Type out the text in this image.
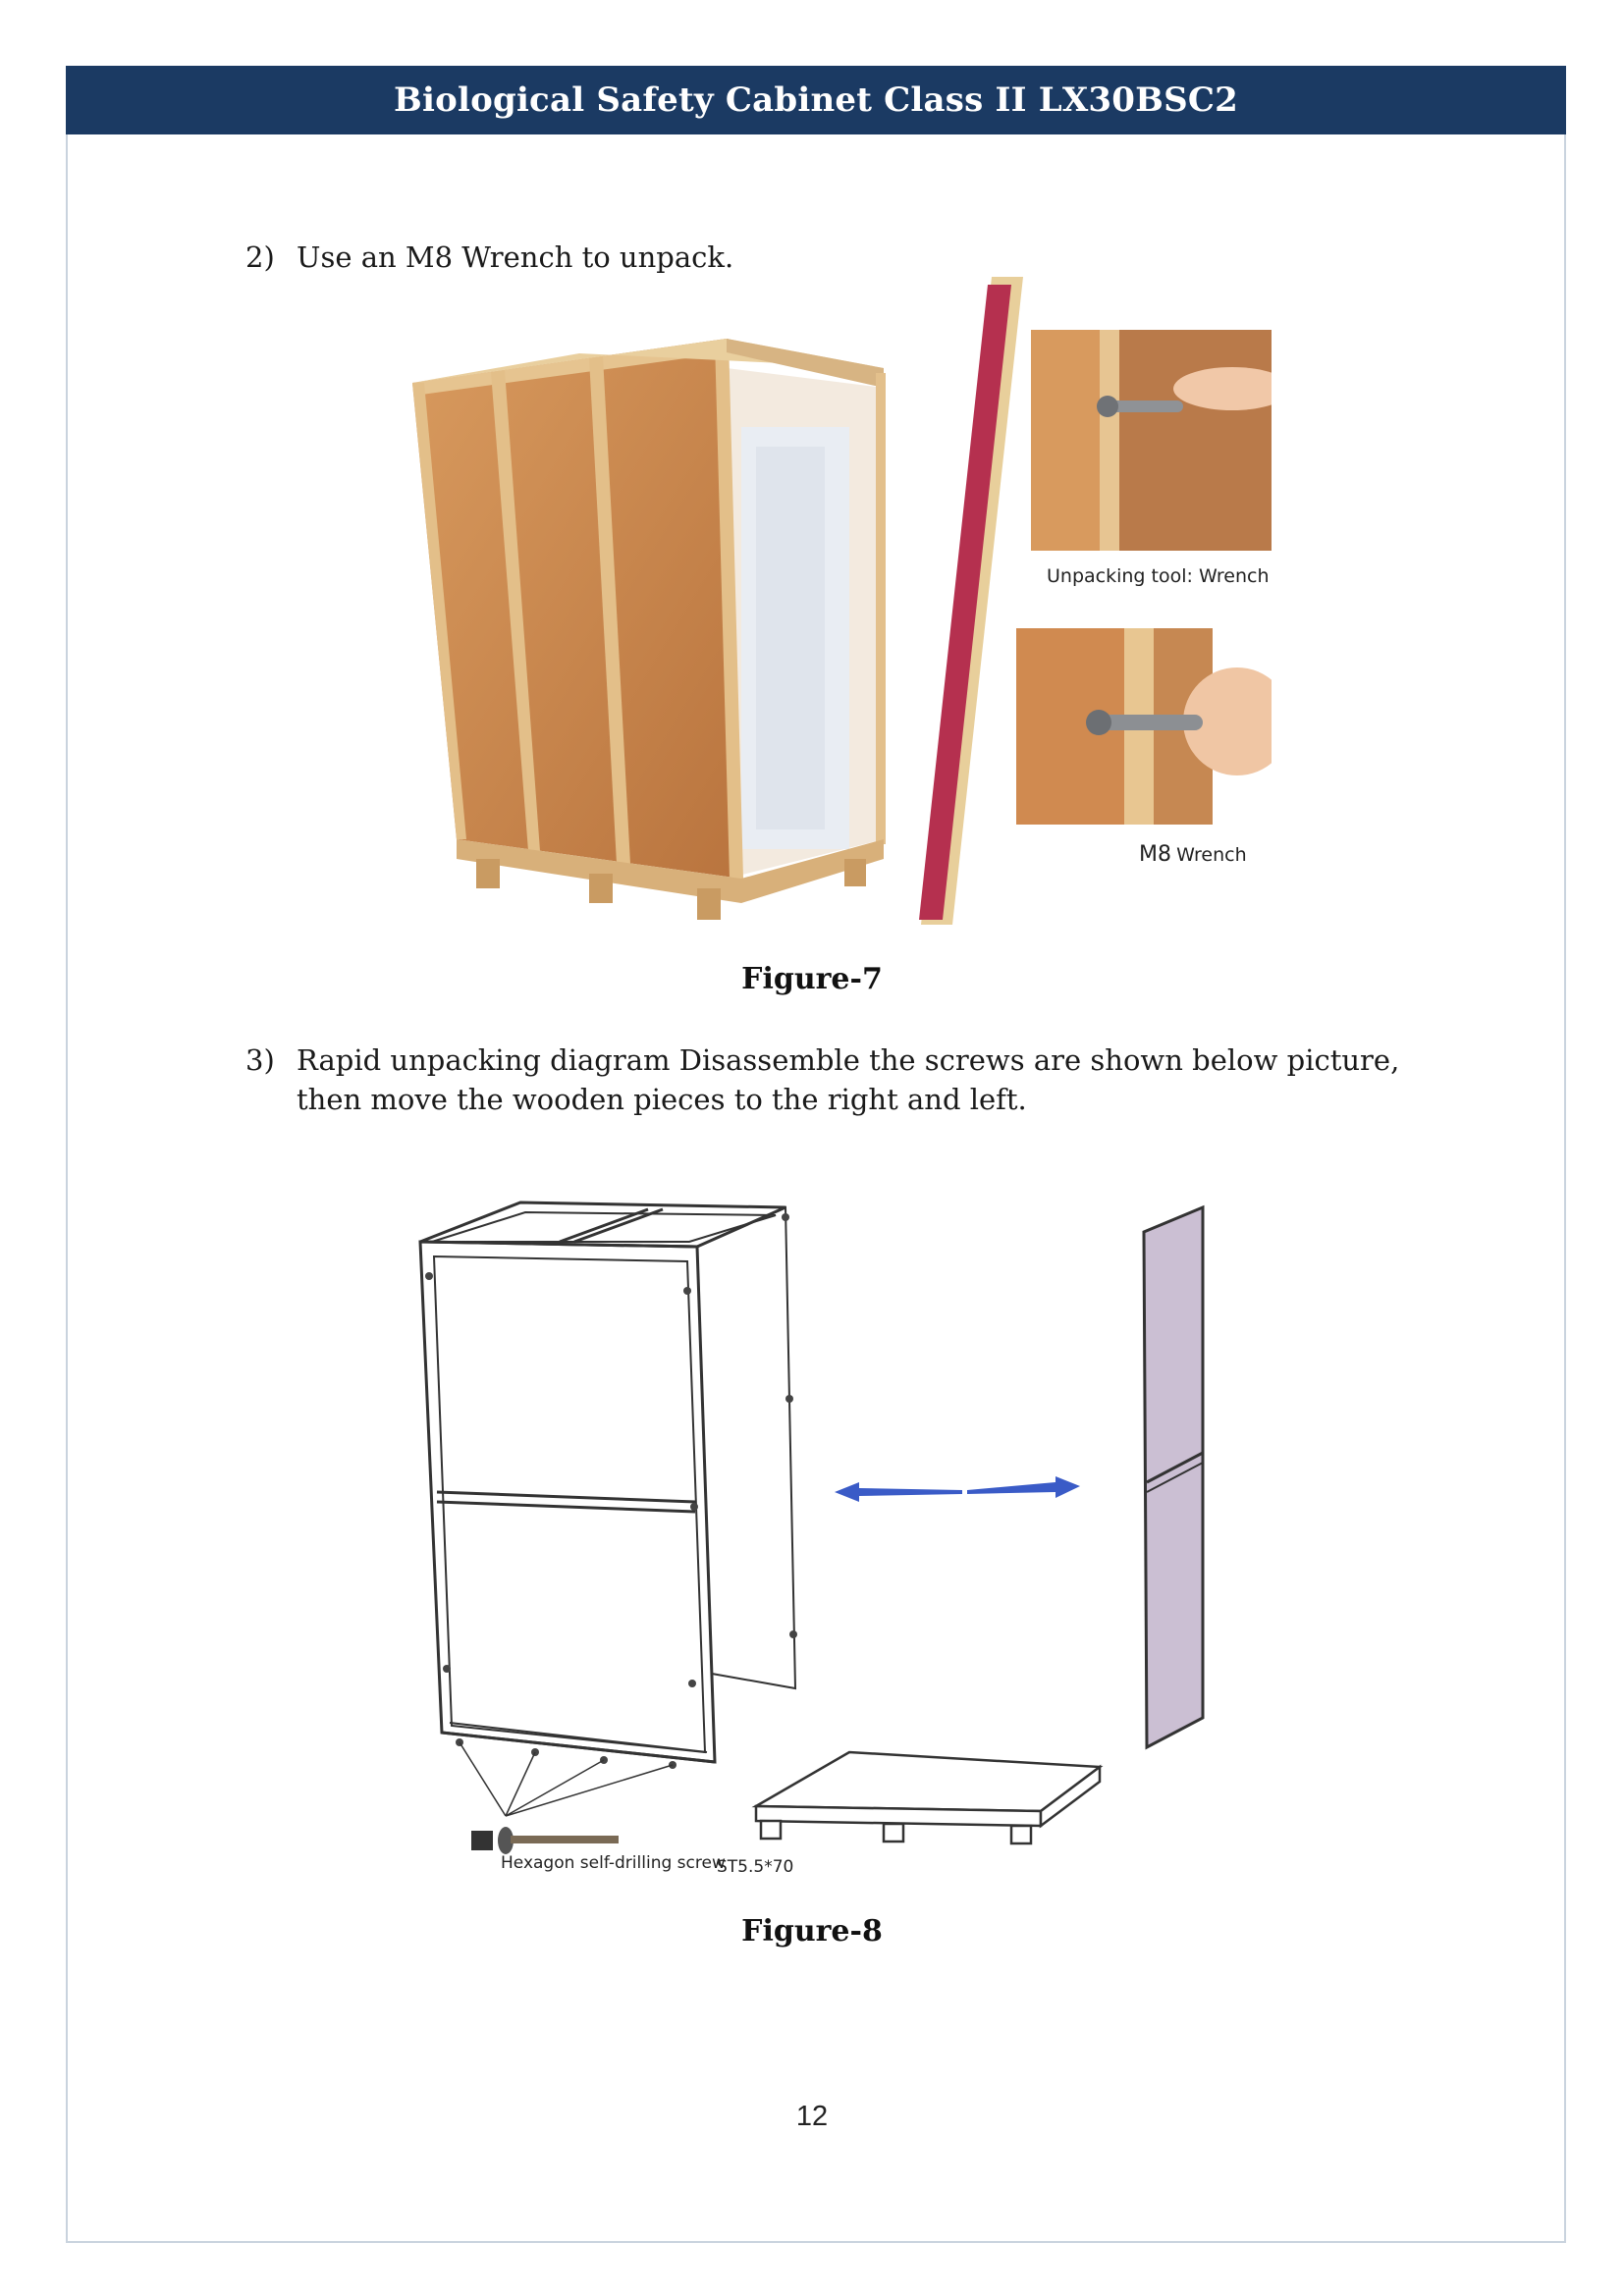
Biological Safety Cabinet Class II LX30BSC2
2) Use an M8 Wrench to unpack.
Unpacking tool: Wrench
M8 Wrench
Figure-7
3) Rapid unpacking diagram Disassemble the screws are shown below picture, then move the wooden pieces to the right and left.
Hexagon self-drilling screw
ST5.5*70
Figure-8
12
